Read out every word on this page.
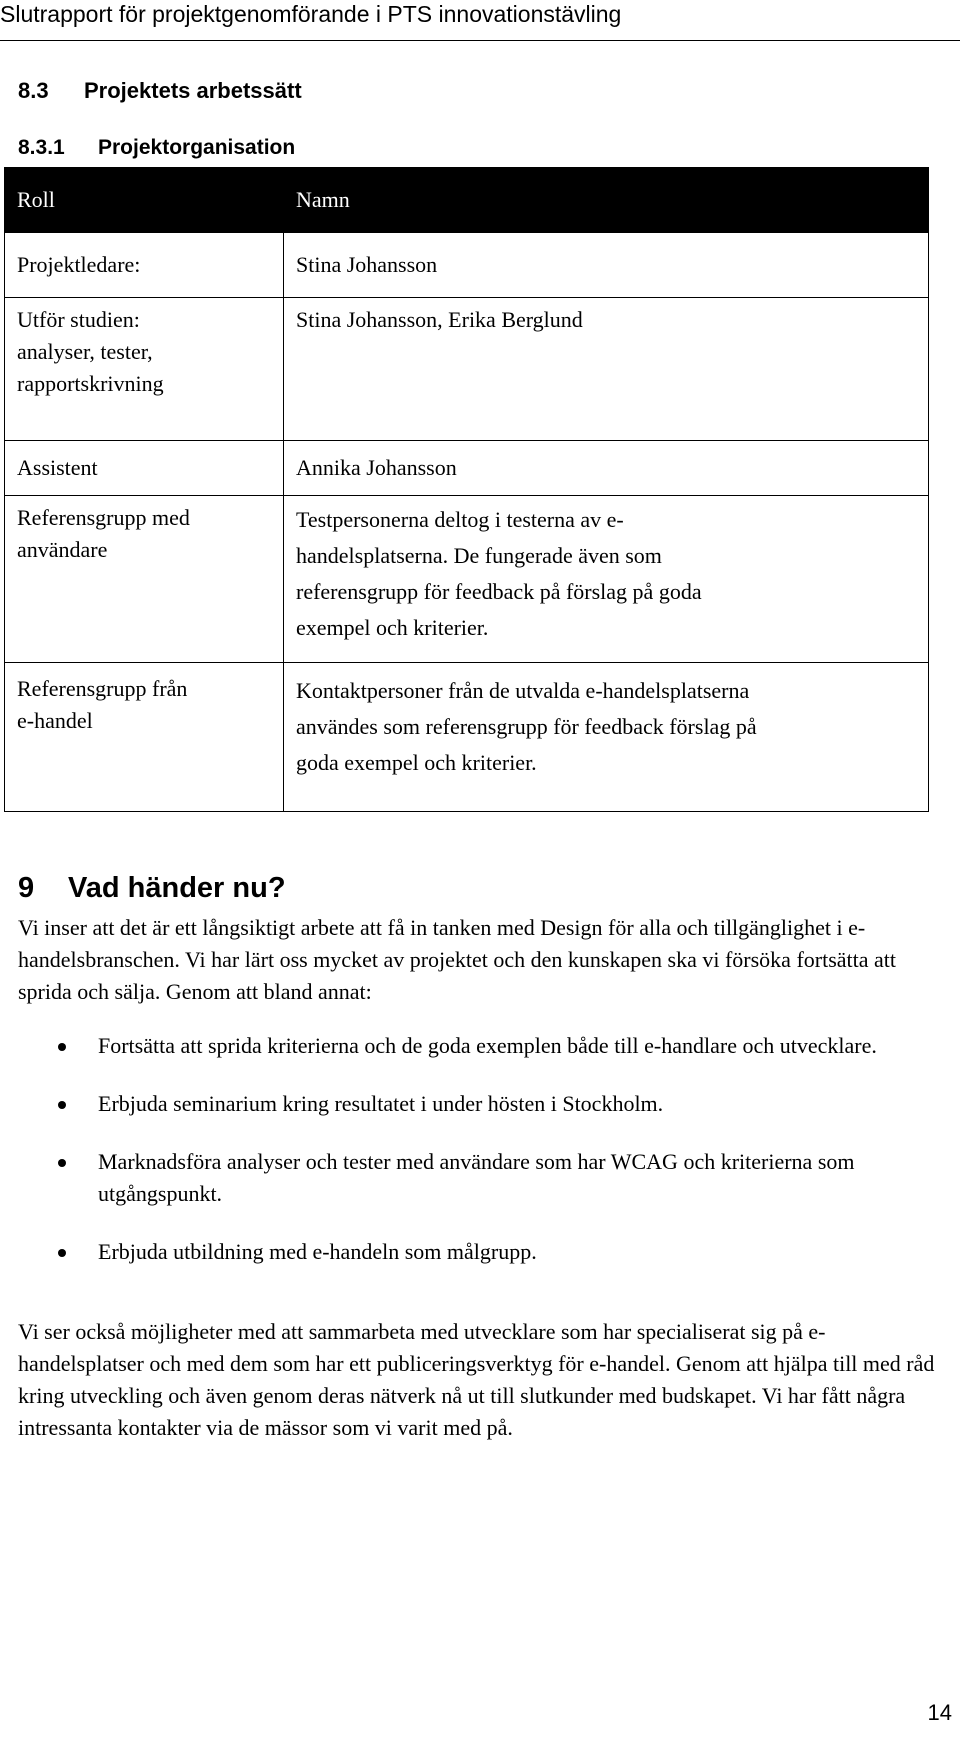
Slutrapport för projektgenomförande i PTS innovationstävling
8.3 Projektets arbetssätt
8.3.1 Projektorganisation
Roll	Namn

Projektledare:	Stina Johansson

Utför studien:
analyser, tester,
rapportskrivning	Stina Johansson, Erika Berglund

Assistent	Annika Johansson

Referensgrupp med
användare	Testpersonerna deltog i testerna av e-
handelsplatserna. De fungerade även som
referensgrupp för feedback på förslag på goda
exempel och kriterier.

Referensgrupp från
e-handel	Kontaktpersoner från de utvalda e-handelsplatserna
användes som referensgrupp för feedback förslag på
goda exempel och kriterier.
9 Vad händer nu?

Vi inser att det är ett långsiktigt arbete att få in tanken med Design för alla och tillgänglighet i e-handelsbranschen. Vi har lärt oss mycket av projektet och den kunskapen ska vi försöka fortsätta att sprida och sälja. Genom att bland annat:

Fortsätta att sprida kriterierna och de goda exemplen både till e-handlare och utvecklare.
Erbjuda seminarium kring resultatet i under hösten i Stockholm.
Marknadsföra analyser och tester med användare som har WCAG och kriterierna som utgångspunkt.
Erbjuda utbildning med e-handeln som målgrupp.

Vi ser också möjligheter med att sammarbeta med utvecklare som har specialiserat sig på e-handelsplatser och med dem som har ett publiceringsverktyg för e-handel. Genom att hjälpa till med råd kring utveckling och även genom deras nätverk nå ut till slutkunder med budskapet. Vi har fått några intressanta kontakter via de mässor som vi varit med på.

14
